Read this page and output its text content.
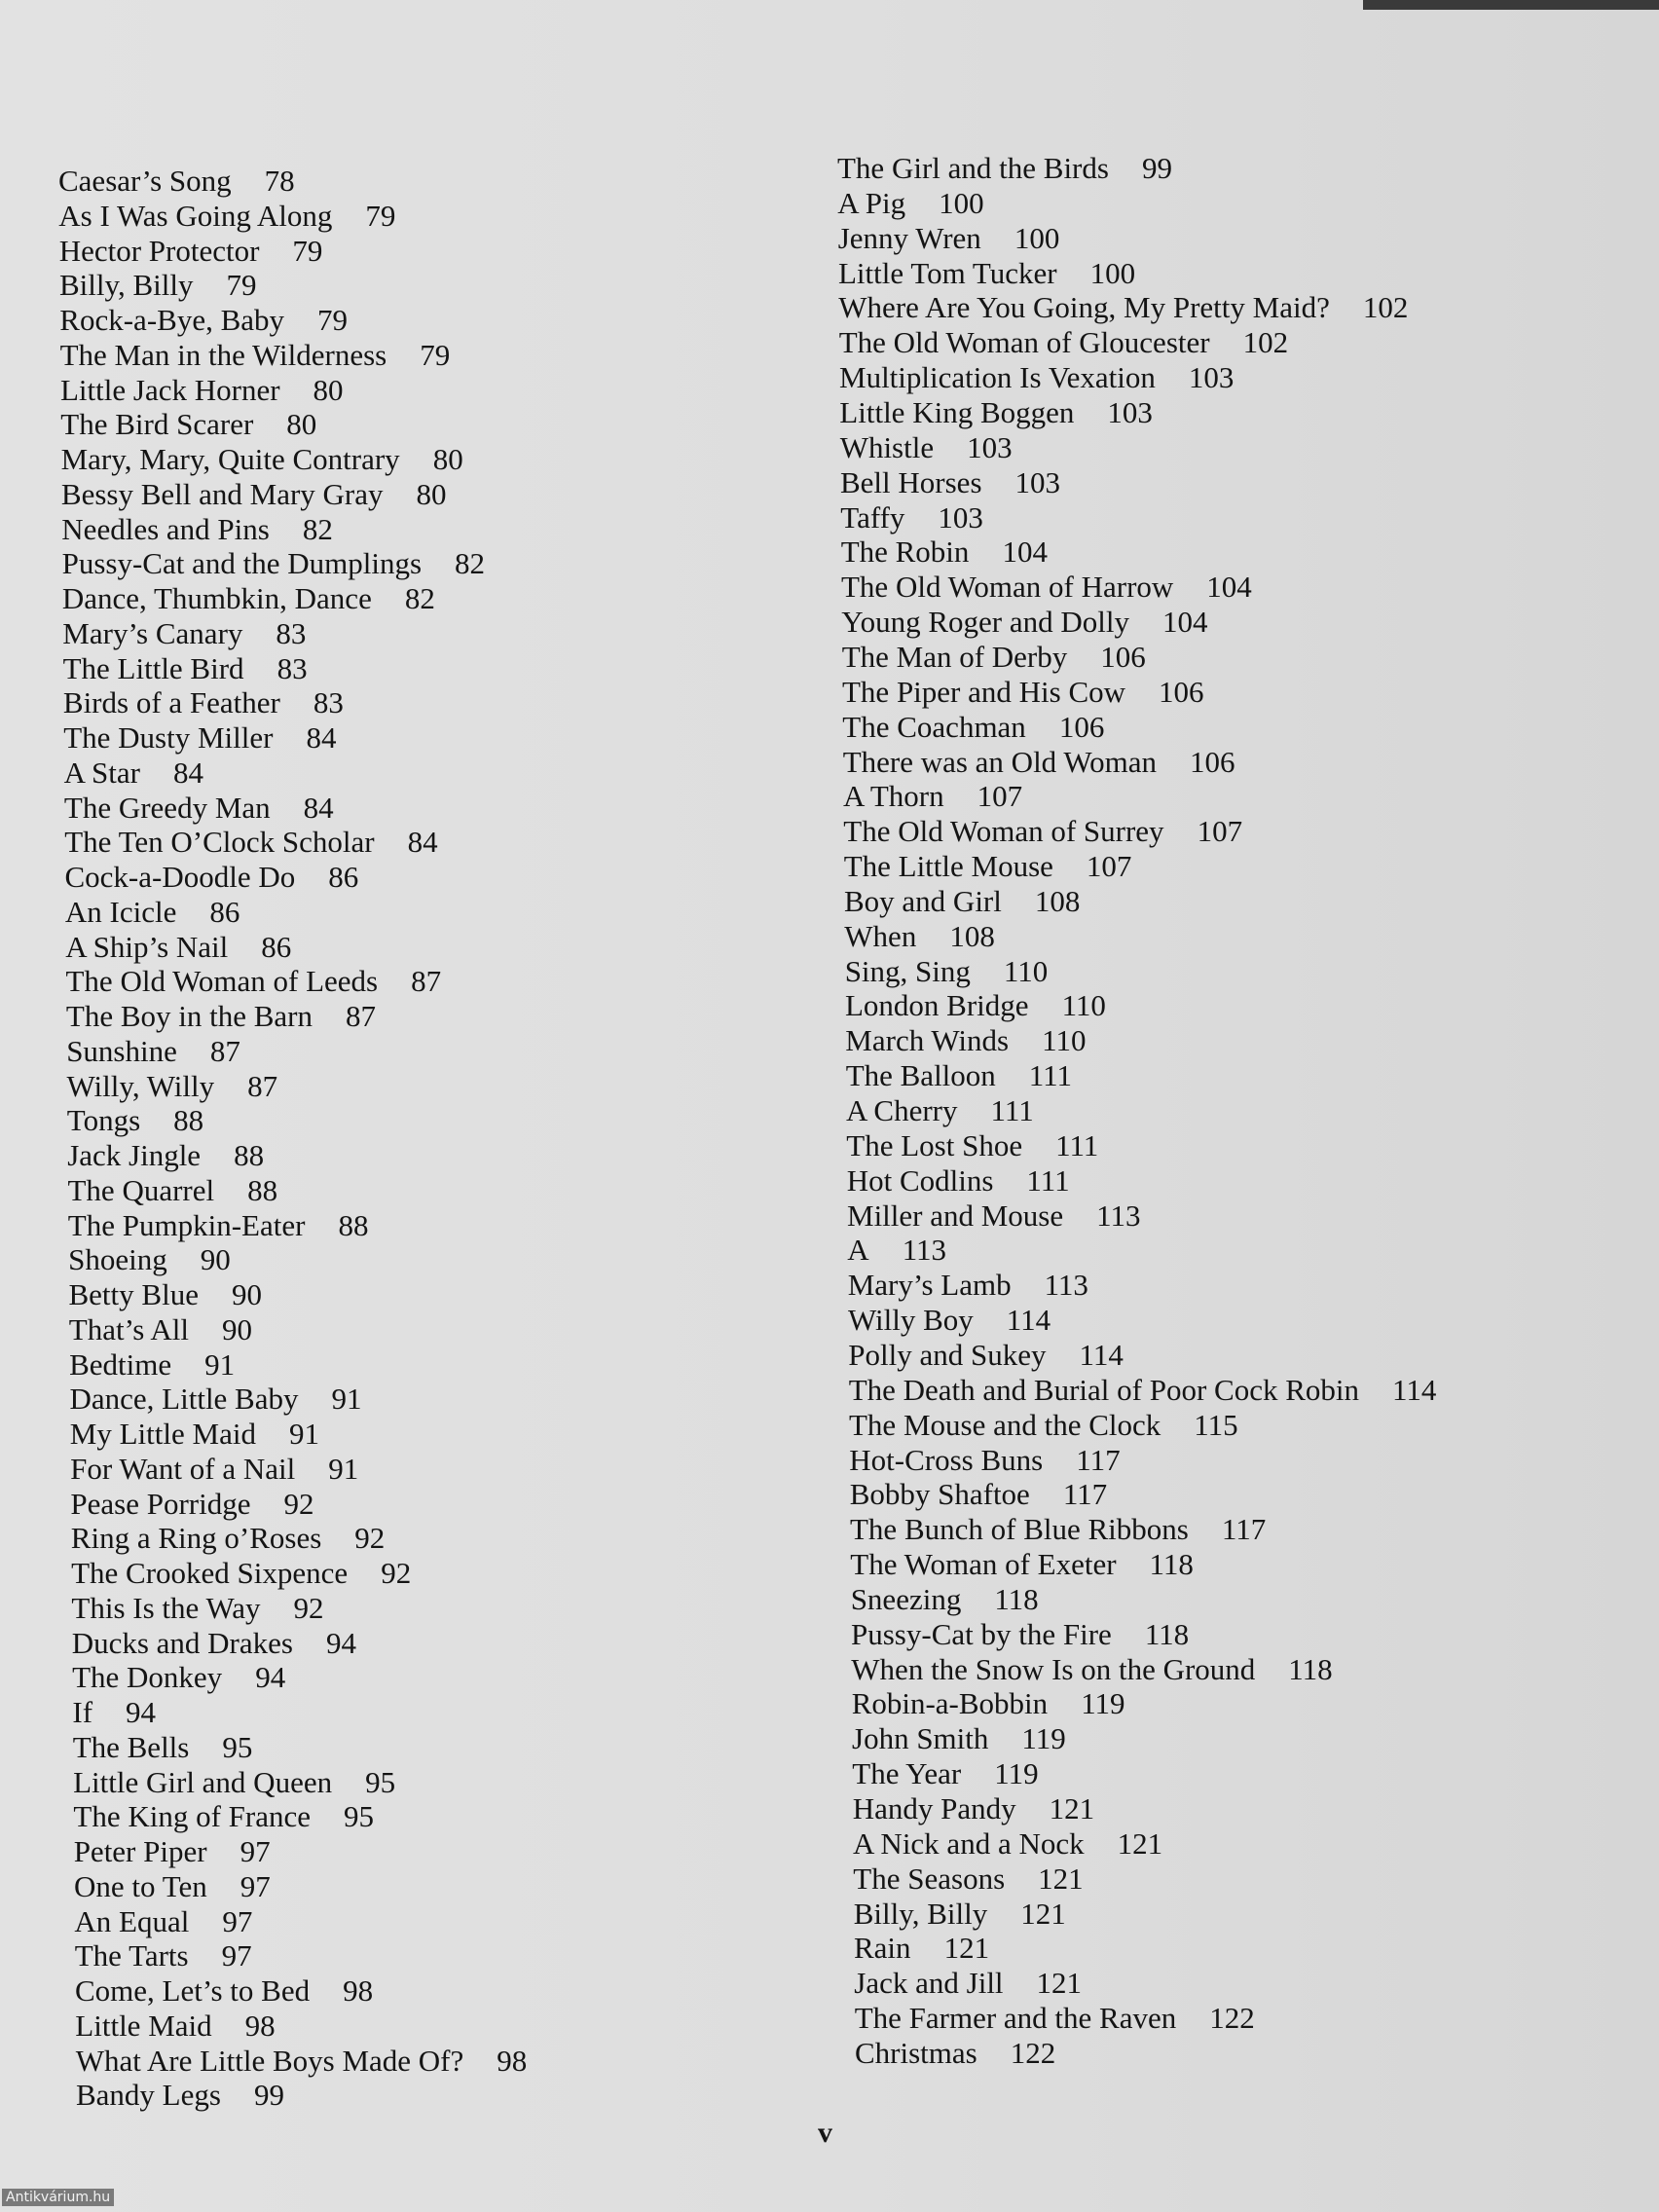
Caesar’s Song 78
As I Was Going Along 79
Hector Protector 79
Billy, Billy 79
Rock-a-Bye, Baby 79
The Man in the Wilderness 79
Little Jack Horner 80
The Bird Scarer 80
Mary, Mary, Quite Contrary 80
Bessy Bell and Mary Gray 80
Needles and Pins 82
Pussy-Cat and the Dumplings 82
Dance, Thumbkin, Dance 82
Mary’s Canary 83
The Little Bird 83
Birds of a Feather 83
The Dusty Miller 84
A Star 84
The Greedy Man 84
The Ten O’Clock Scholar 84
Cock-a-Doodle Do 86
An Icicle 86
A Ship’s Nail 86
The Old Woman of Leeds 87
The Boy in the Barn 87
Sunshine 87
Willy, Willy 87
Tongs 88
Jack Jingle 88
The Quarrel 88
The Pumpkin-Eater 88
Shoeing 90
Betty Blue 90
That’s All 90
Bedtime 91
Dance, Little Baby 91
My Little Maid 91
For Want of a Nail 91
Pease Porridge 92
Ring a Ring o’Roses 92
The Crooked Sixpence 92
This Is the Way 92
Ducks and Drakes 94
The Donkey 94
If 94
The Bells 95
Little Girl and Queen 95
The King of France 95
Peter Piper 97
One to Ten 97
An Equal 97
The Tarts 97
Come, Let’s to Bed 98
Little Maid 98
What Are Little Boys Made Of? 98
Bandy Legs 99
The Girl and the Birds 99
A Pig 100
Jenny Wren 100
Little Tom Tucker 100
Where Are You Going, My Pretty Maid? 102
The Old Woman of Gloucester 102
Multiplication Is Vexation 103
Little King Boggen 103
Whistle 103
Bell Horses 103
Taffy 103
The Robin 104
The Old Woman of Harrow 104
Young Roger and Dolly 104
The Man of Derby 106
The Piper and His Cow 106
The Coachman 106
There was an Old Woman 106
A Thorn 107
The Old Woman of Surrey 107
The Little Mouse 107
Boy and Girl 108
When 108
Sing, Sing 110
London Bridge 110
March Winds 110
The Balloon 111
A Cherry 111
The Lost Shoe 111
Hot Codlins 111
Miller and Mouse 113
A 113
Mary’s Lamb 113
Willy Boy 114
Polly and Sukey 114
The Death and Burial of Poor Cock Robin 114
The Mouse and the Clock 115
Hot-Cross Buns 117
Bobby Shaftoe 117
The Bunch of Blue Ribbons 117
The Woman of Exeter 118
Sneezing 118
Pussy-Cat by the Fire 118
When the Snow Is on the Ground 118
Robin-a-Bobbin 119
John Smith 119
The Year 119
Handy Pandy 121
A Nick and a Nock 121
The Seasons 121
Billy, Billy 121
Rain 121
Jack and Jill 121
The Farmer and the Raven 122
Christmas 122
v
Antikvárium.hu
